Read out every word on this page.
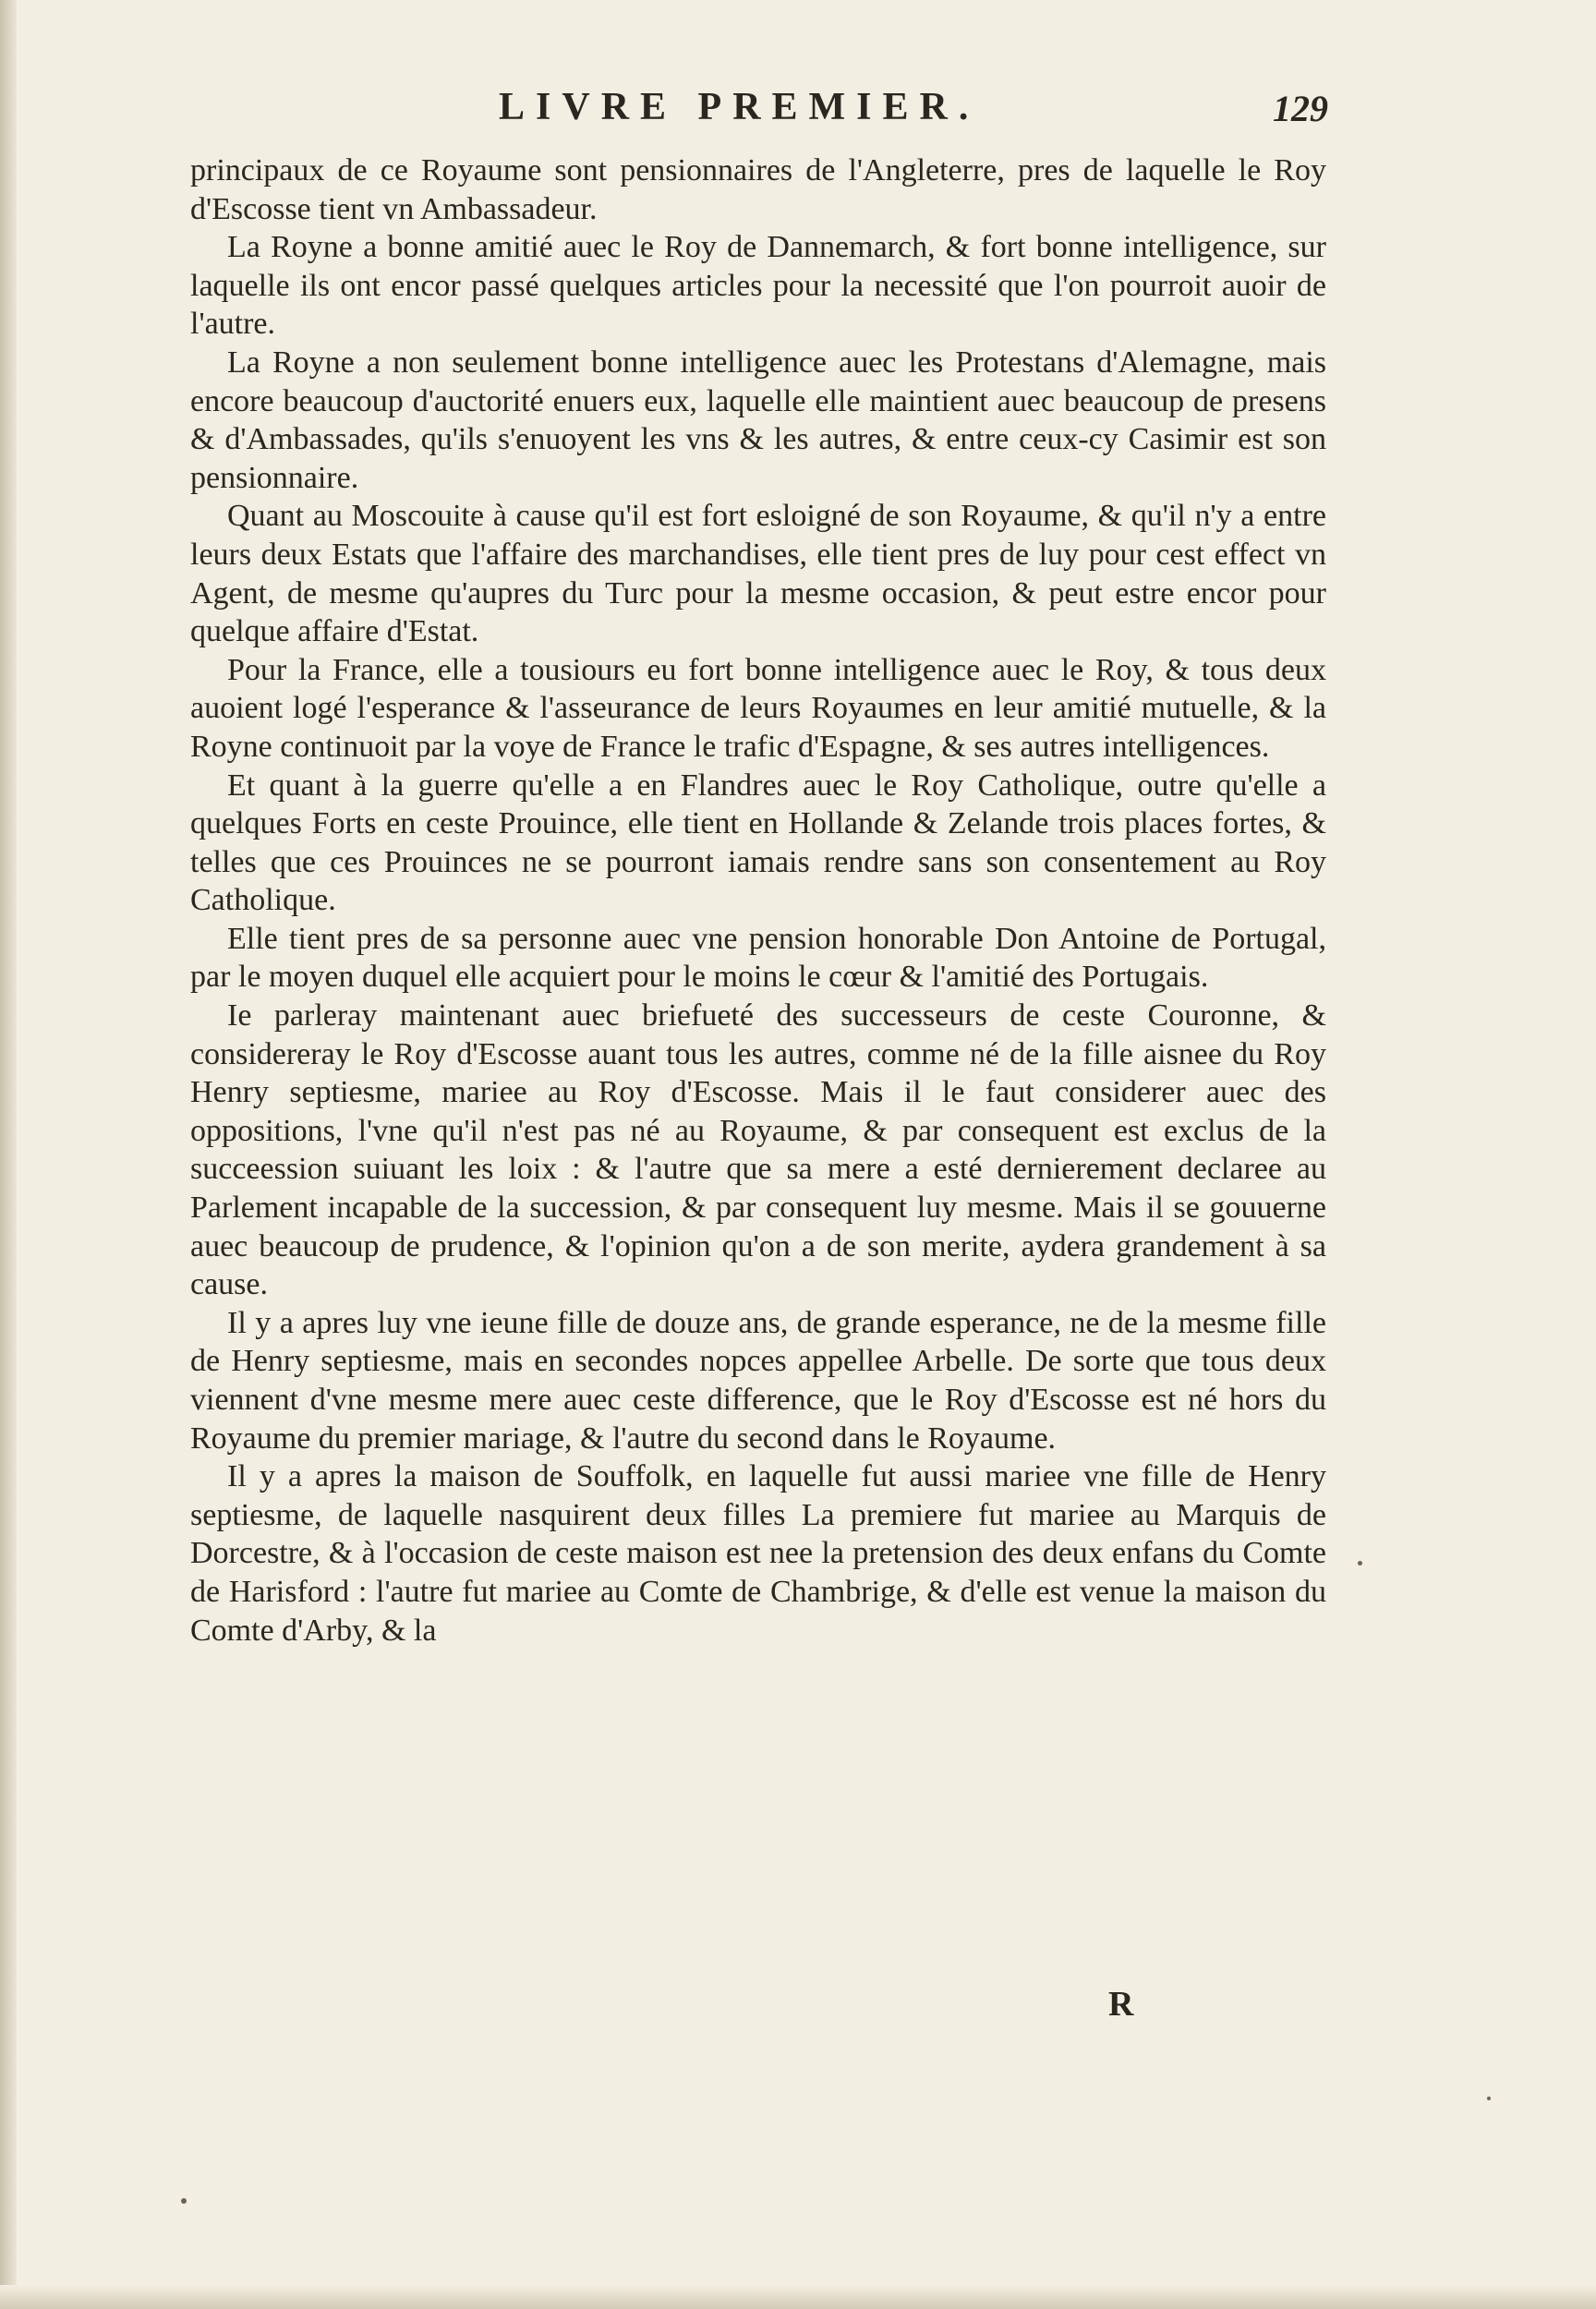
LIVRE PREMIER.	129

principaux de ce Royaume sont pensionnaires de l'Angleterre, pres de laquelle le Roy d'Escosse tient vn Ambassadeur.

La Royne a bonne amitié auec le Roy de Dannemarch, & fort bonne intelligence, sur laquelle ils ont encor passé quelques articles pour la necessité que l'on pourroit auoir de l'autre.

La Royne a non seulement bonne intelligence auec les Protestans d'Alemagne, mais encore beaucoup d'auctorité enuers eux, laquelle elle maintient auec beaucoup de presens & d'Ambassades, qu'ils s'enuoyent les vns & les autres, & entre ceux-cy Casimir est son pensionnaire.

Quant au Moscouite à cause qu'il est fort esloigné de son Royaume, & qu'il n'y a entre leurs deux Estats que l'affaire des marchandises, elle tient pres de luy pour cest effect vn Agent, de mesme qu'aupres du Turc pour la mesme occasion, & peut estre encor pour quelque affaire d'Estat.

Pour la France, elle a tousiours eu fort bonne intelligence auec le Roy, & tous deux auoient logé l'esperance & l'asseurance de leurs Royaumes en leur amitié mutuelle, & la Royne continuoit par la voye de France le trafic d'Espagne, & ses autres intelligences.

Et quant à la guerre qu'elle a en Flandres auec le Roy Catholique, outre qu'elle a quelques Forts en ceste Prouince, elle tient en Hollande & Zelande trois places fortes, & telles que ces Prouinces ne se pourront iamais rendre sans son consentement au Roy Catholique.

Elle tient pres de sa personne auec vne pension honorable Don Antoine de Portugal, par le moyen duquel elle acquiert pour le moins le cœur & l'amitié des Portugais.

Ie parleray maintenant auec briefueté des successeurs de ceste Couronne, & considereray le Roy d'Escosse auant tous les autres, comme né de la fille aisnee du Roy Henry septiesme, mariee au Roy d'Escosse. Mais il le faut considerer auec des oppositions, l'vne qu'il n'est pas né au Royaume, & par consequent est exclus de la succeession suiuant les loix : & l'autre que sa mere a esté dernierement declaree au Parlement incapable de la succession, & par consequent luy mesme. Mais il se gouuerne auec beaucoup de prudence, & l'opinion qu'on a de son merite, aydera grandement à sa cause.

Il y a apres luy vne ieune fille de douze ans, de grande esperance, ne de la mesme fille de Henry septiesme, mais en secondes nopces appellee Arbelle. De sorte que tous deux viennent d'vne mesme mere auec ceste difference, que le Roy d'Escosse est né hors du Royaume du premier mariage, & l'autre du second dans le Royaume.

Il y a apres la maison de Souffolk, en laquelle fut aussi mariee vne fille de Henry septiesme, de laquelle nasquirent deux filles La premiere fut mariee au Marquis de Dorcestre, & à l'occasion de ceste maison est nee la pretension des deux enfans du Comte de Harisford : l'autre fut mariee au Comte de Chambrige, & d'elle est venue la maison du Comte d'Arby, & la

R
